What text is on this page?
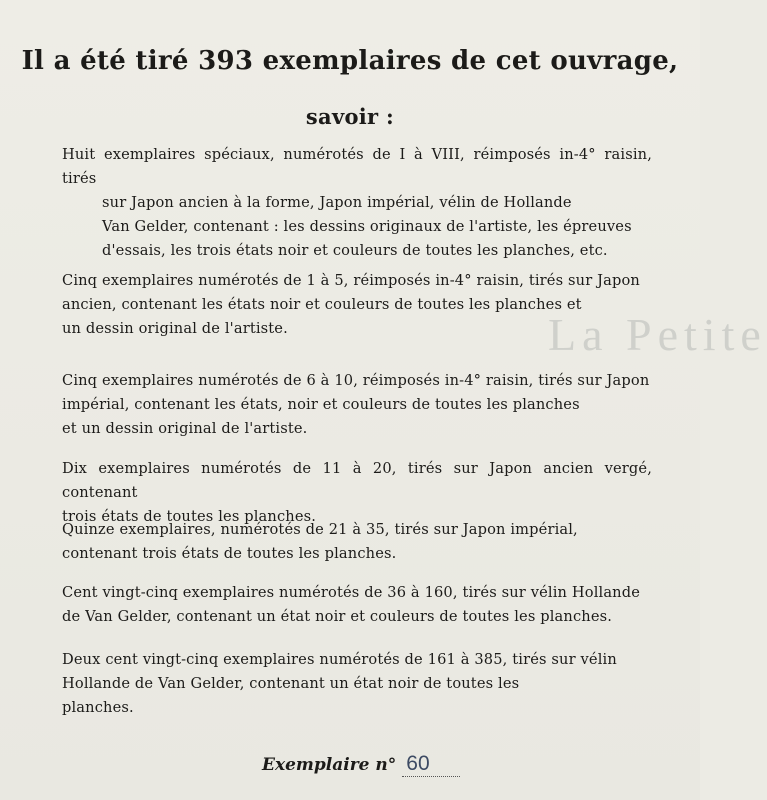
La Petite
Il a été tiré 393 exemplaires de cet ouvrage,
savoir :
Huit exemplaires spéciaux, numérotés de I à VIII, réimposés in-4° raisin, tirés
sur Japon ancien à la forme, Japon impérial, vélin de Hollande
Van Gelder, contenant : les dessins originaux de l'artiste, les épreuves
d'essais, les trois états noir et couleurs de toutes les planches, etc.
Cinq exemplaires numérotés de 1 à 5, réimposés in-4° raisin, tirés sur Japon
ancien, contenant les états noir et couleurs de toutes les planches et
un dessin original de l'artiste.
Cinq exemplaires numérotés de 6 à 10, réimposés in-4° raisin, tirés sur Japon
impérial, contenant les états, noir et couleurs de toutes les planches
et un dessin original de l'artiste.
Dix exemplaires numérotés de 11 à 20, tirés sur Japon ancien vergé, contenant
trois états de toutes les planches.
Quinze exemplaires, numérotés de 21 à 35, tirés sur Japon impérial,
contenant trois états de toutes les planches.
Cent vingt-cinq exemplaires numérotés de 36 à 160, tirés sur vélin Hollande
de Van Gelder, contenant un état noir et couleurs de toutes les planches.
Deux cent vingt-cinq exemplaires numérotés de 161 à 385, tirés sur vélin
Hollande de Van Gelder, contenant un état noir de toutes les
planches.
Exemplaire n° 60
